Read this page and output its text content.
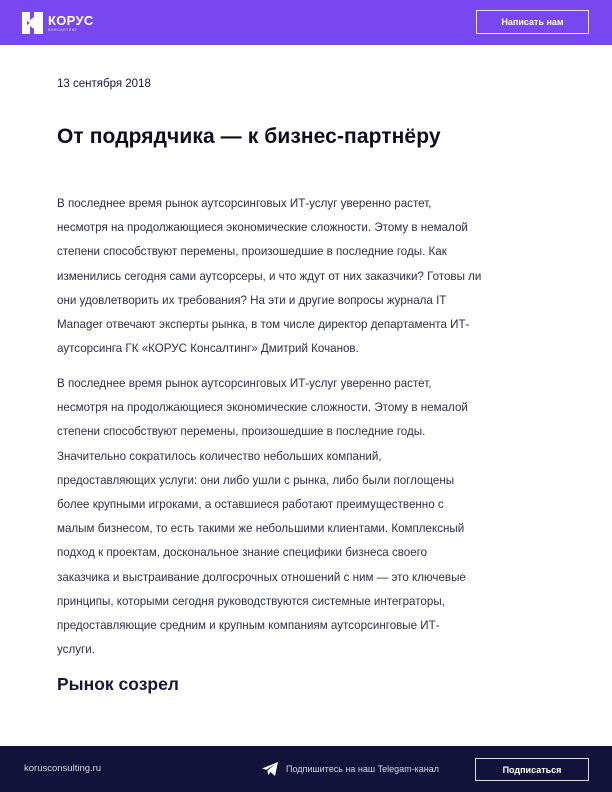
КОРУС
КОНСАЛТИНГ
Написать нам
13 сентября 2018
От подрядчика — к бизнес-партнёру

В последнее время рынок аутсорсинговых ИТ-услуг уверенно растет,
несмотря на продолжающиеся экономические сложности. Этому в немалой
степени способствуют перемены, произошедшие в последние годы. Как
изменились сегодня сами аутсорсеры, и что ждут от них заказчики? Готовы ли
они удовлетворить их требования? На эти и другие вопросы журнала IT
Manager отвечают эксперты рынка, в том числе директор департамента ИТ-
аутсорсинга ГК «КОРУС Консалтинг» Дмитрий Кочанов.

В последнее время рынок аутсорсинговых ИТ-услуг уверенно растет,
несмотря на продолжающиеся экономические сложности. Этому в немалой
степени способствуют перемены, произошедшие в последние годы.
Значительно сократилось количество небольших компаний,
предоставляющих услуги: они либо ушли с рынка, либо были поглощены
более крупными игроками, а оставшиеся работают преимущественно с
малым бизнесом, то есть такими же небольшими клиентами. Комплексный
подход к проектам, доскональное знание специфики бизнеса своего
заказчика и выстраивание долгосрочных отношений с ним — это ключевые
принципы, которыми сегодня руководствуются системные интеграторы,
предоставляющие средним и крупным компаниям аутсорсинговые ИТ-
услуги.

Рынок созрел
korusconsulting.ru	Подпишитесь на наш Telegam-канал	Подписаться
